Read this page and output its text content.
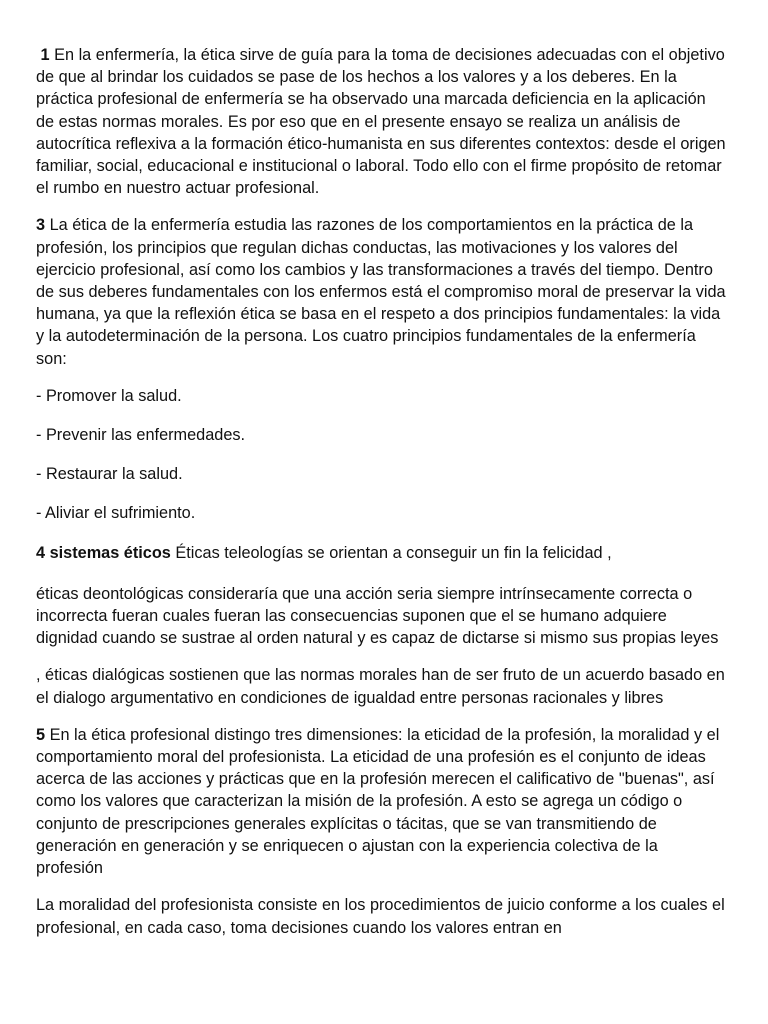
1 En la enfermería, la ética sirve de guía para la toma de decisiones adecuadas con el objetivo de que al brindar los cuidados se pase de los hechos a los valores y a los deberes. En la práctica profesional de enfermería se ha observado una marcada deficiencia en la aplicación de estas normas morales. Es por eso que en el presente ensayo se realiza un análisis de autocrítica reflexiva a la formación ético-humanista en sus diferentes contextos: desde el origen familiar, social, educacional e institucional o laboral. Todo ello con el firme propósito de retomar el rumbo en nuestro actuar profesional.

3 La ética de la enfermería estudia las razones de los comportamientos en la práctica de la profesión, los principios que regulan dichas conductas, las motivaciones y los valores del ejercicio profesional, así como los cambios y las transformaciones a través del tiempo. Dentro de sus deberes fundamentales con los enfermos está el compromiso moral de preservar la vida humana, ya que la reflexión ética se basa en el respeto a dos principios fundamentales: la vida y la autodeterminación de la persona. Los cuatro principios fundamentales de la enfermería son:

- Promover la salud.

- Prevenir las enfermedades.

- Restaurar la salud.

- Aliviar el sufrimiento.

4 sistemas éticos Éticas teleologías se orientan a conseguir un fin la felicidad ,

éticas deontológicas consideraría que una acción seria siempre intrínsecamente correcta o incorrecta fueran cuales fueran las consecuencias suponen que el se humano adquiere dignidad cuando se sustrae al orden natural y es capaz de dictarse si mismo sus propias leyes

, éticas dialógicas sostienen que las normas morales han de ser fruto de un acuerdo basado en el dialogo argumentativo en condiciones de igualdad entre personas racionales y libres

5 En la ética profesional distingo tres dimensiones: la eticidad de la profesión, la moralidad y el comportamiento moral del profesionista. La eticidad de una profesión es el conjunto de ideas acerca de las acciones y prácticas que en la profesión merecen el calificativo de "buenas", así como los valores que caracterizan la misión de la profesión. A esto se agrega un código o conjunto de prescripciones generales explícitas o tácitas, que se van transmitiendo de generación en generación y se enriquecen o ajustan con la experiencia colectiva de la profesión

La moralidad del profesionista consiste en los procedimientos de juicio conforme a los cuales el profesional, en cada caso, toma decisiones cuando los valores entran en
